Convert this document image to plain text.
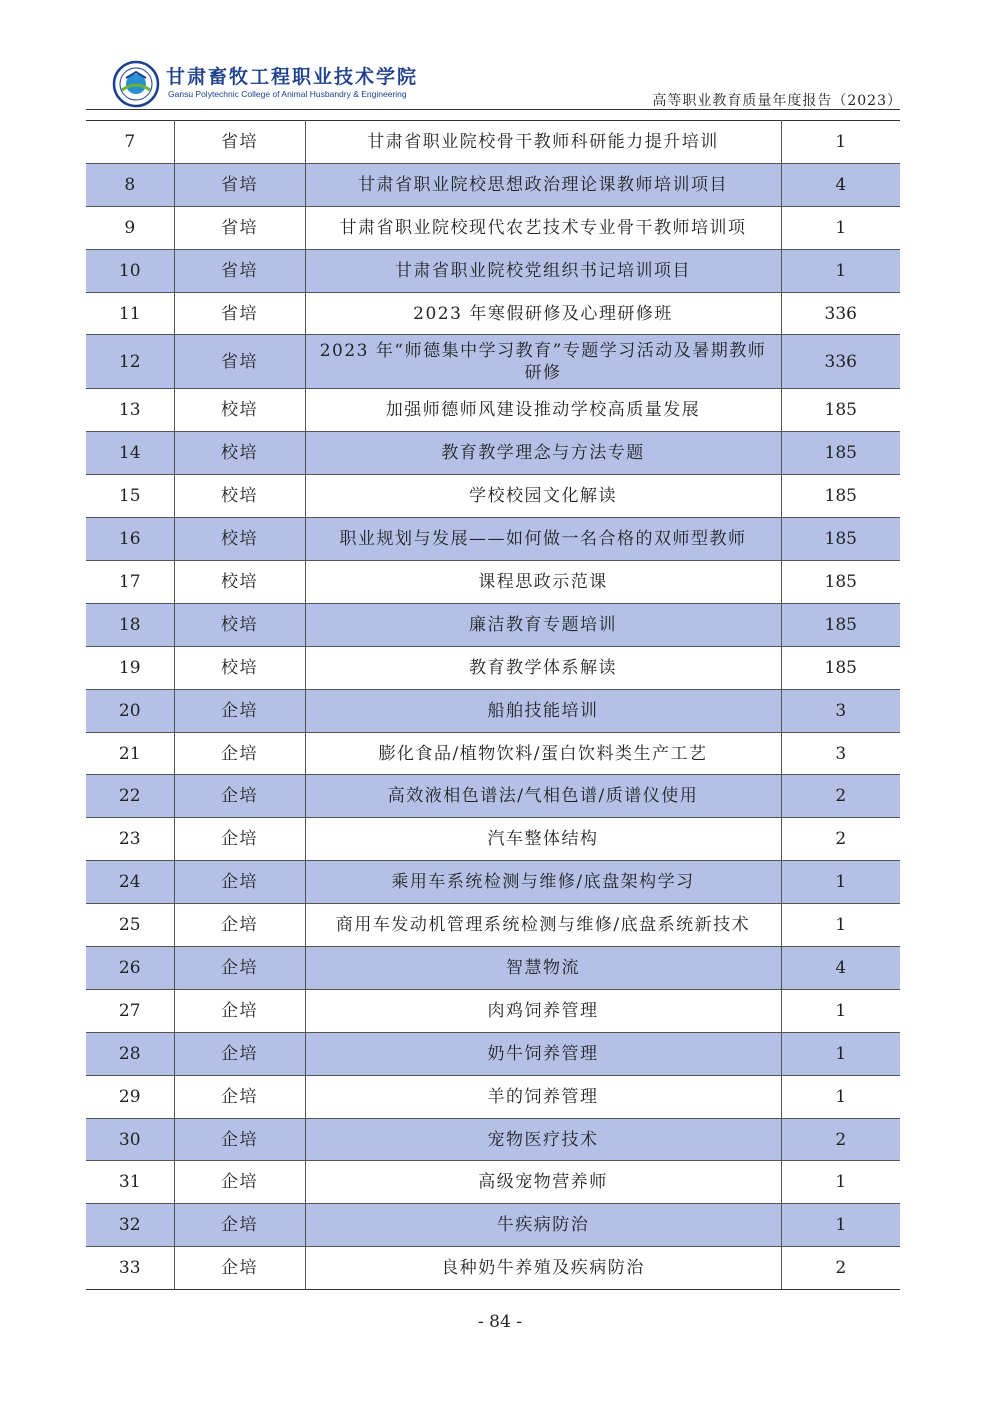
甘肃畜牧工程职业技术学院
Gansu Polytechnic College of Animal Husbandry & Engineering	高等职业教育质量年度报告（2023）
7	省培	甘肃省职业院校骨干教师科研能力提升培训	1
8	省培	甘肃省职业院校思想政治理论课教师培训项目	4
9	省培	甘肃省职业院校现代农艺技术专业骨干教师培训项	1
10	省培	甘肃省职业院校党组织书记培训项目	1
11	省培	2023 年寒假研修及心理研修班	336
12	省培	2023 年“师德集中学习教育”专题学习活动及暑期教师研修	336
13	校培	加强师德师风建设推动学校高质量发展	185
14	校培	教育教学理念与方法专题	185
15	校培	学校校园文化解读	185
16	校培	职业规划与发展——如何做一名合格的双师型教师	185
17	校培	课程思政示范课	185
18	校培	廉洁教育专题培训	185
19	校培	教育教学体系解读	185
20	企培	船舶技能培训	3
21	企培	膨化食品/植物饮料/蛋白饮料类生产工艺	3
22	企培	高效液相色谱法/气相色谱/质谱仪使用	2
23	企培	汽车整体结构	2
24	企培	乘用车系统检测与维修/底盘架构学习	1
25	企培	商用车发动机管理系统检测与维修/底盘系统新技术	1
26	企培	智慧物流	4
27	企培	肉鸡饲养管理	1
28	企培	奶牛饲养管理	1
29	企培	羊的饲养管理	1
30	企培	宠物医疗技术	2
31	企培	高级宠物营养师	1
32	企培	牛疾病防治	1
33	企培	良种奶牛养殖及疾病防治	2
- 84 -
